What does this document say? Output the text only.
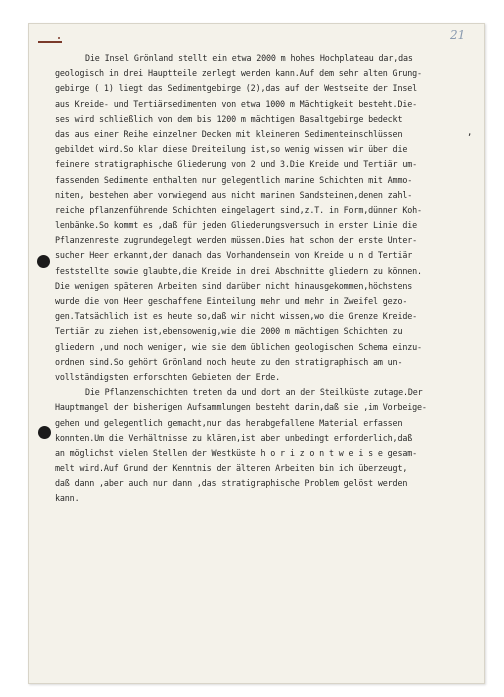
21
,
Die Insel Grönland stellt ein etwa 2000 m hohes Hochplateau dar,das
geologisch in drei Hauptteile zerlegt werden kann.Auf dem sehr alten Grung-
gebirge ( 1) liegt das Sedimentgebirge (2),das auf der Westseite der Insel
aus Kreide- und Tertiärsedimenten von etwa 1000 m Mächtigkeit besteht.Die-
ses wird schließlich von dem bis 1200 m mächtigen Basaltgebirge bedeckt
das aus einer Reihe einzelner Decken mit kleineren Sedimenteinschlüssen
gebildet wird.So klar diese Dreiteilung ist,so wenig wissen wir über die
feinere stratigraphische Gliederung von 2 und 3.Die Kreide und Tertiär um-
fassenden Sedimente enthalten nur gelegentlich marine Schichten mit Ammo-
niten, bestehen aber vorwiegend aus nicht marinen Sandsteinen,denen zahl-
reiche pflanzenführende Schichten eingelagert sind,z.T. in Form,dünner Koh-
lenbänke.So kommt es ,daß für jeden Gliederungsversuch in erster Linie die
Pflanzenreste zugrundegelegt werden müssen.Dies hat schon der erste Unter-
sucher Heer erkannt,der danach das Vorhandensein von Kreide u n d Tertiär
feststellte sowie glaubte,die Kreide in drei Abschnitte gliedern zu können.
Die wenigen späteren Arbeiten sind darüber nicht hinausgekommen,höchstens
wurde die von Heer geschaffene Einteilung mehr und mehr in Zweifel gezo-
gen.Tatsächlich ist es heute so,daß wir nicht wissen,wo die Grenze Kreide-
Tertiär zu ziehen ist,ebensowenig,wie die 2000 m mächtigen Schichten zu
gliedern ,und noch weniger, wie sie dem üblichen geologischen Schema einzu-
ordnen sind.So gehört Grönland noch heute zu den stratigraphisch am un-
vollständigsten erforschten Gebieten der Erde.
Die Pflanzenschichten treten da und dort an der Steilküste zutage.Der
Hauptmangel der bisherigen Aufsammlungen besteht darin,daß sie ,im Vorbeige-
gehen und gelegentlich gemacht,nur das herabgefallene Material erfassen
konnten.Um die Verhältnisse zu klären,ist aber unbedingt erforderlich,daß
an möglichst vielen Stellen der Westküste h o r i z o n t w e i s e gesam-
melt wird.Auf Grund der Kenntnis der älteren Arbeiten bin ich überzeugt,
daß dann ,aber auch nur dann ,das stratigraphische Problem gelöst werden
kann.
